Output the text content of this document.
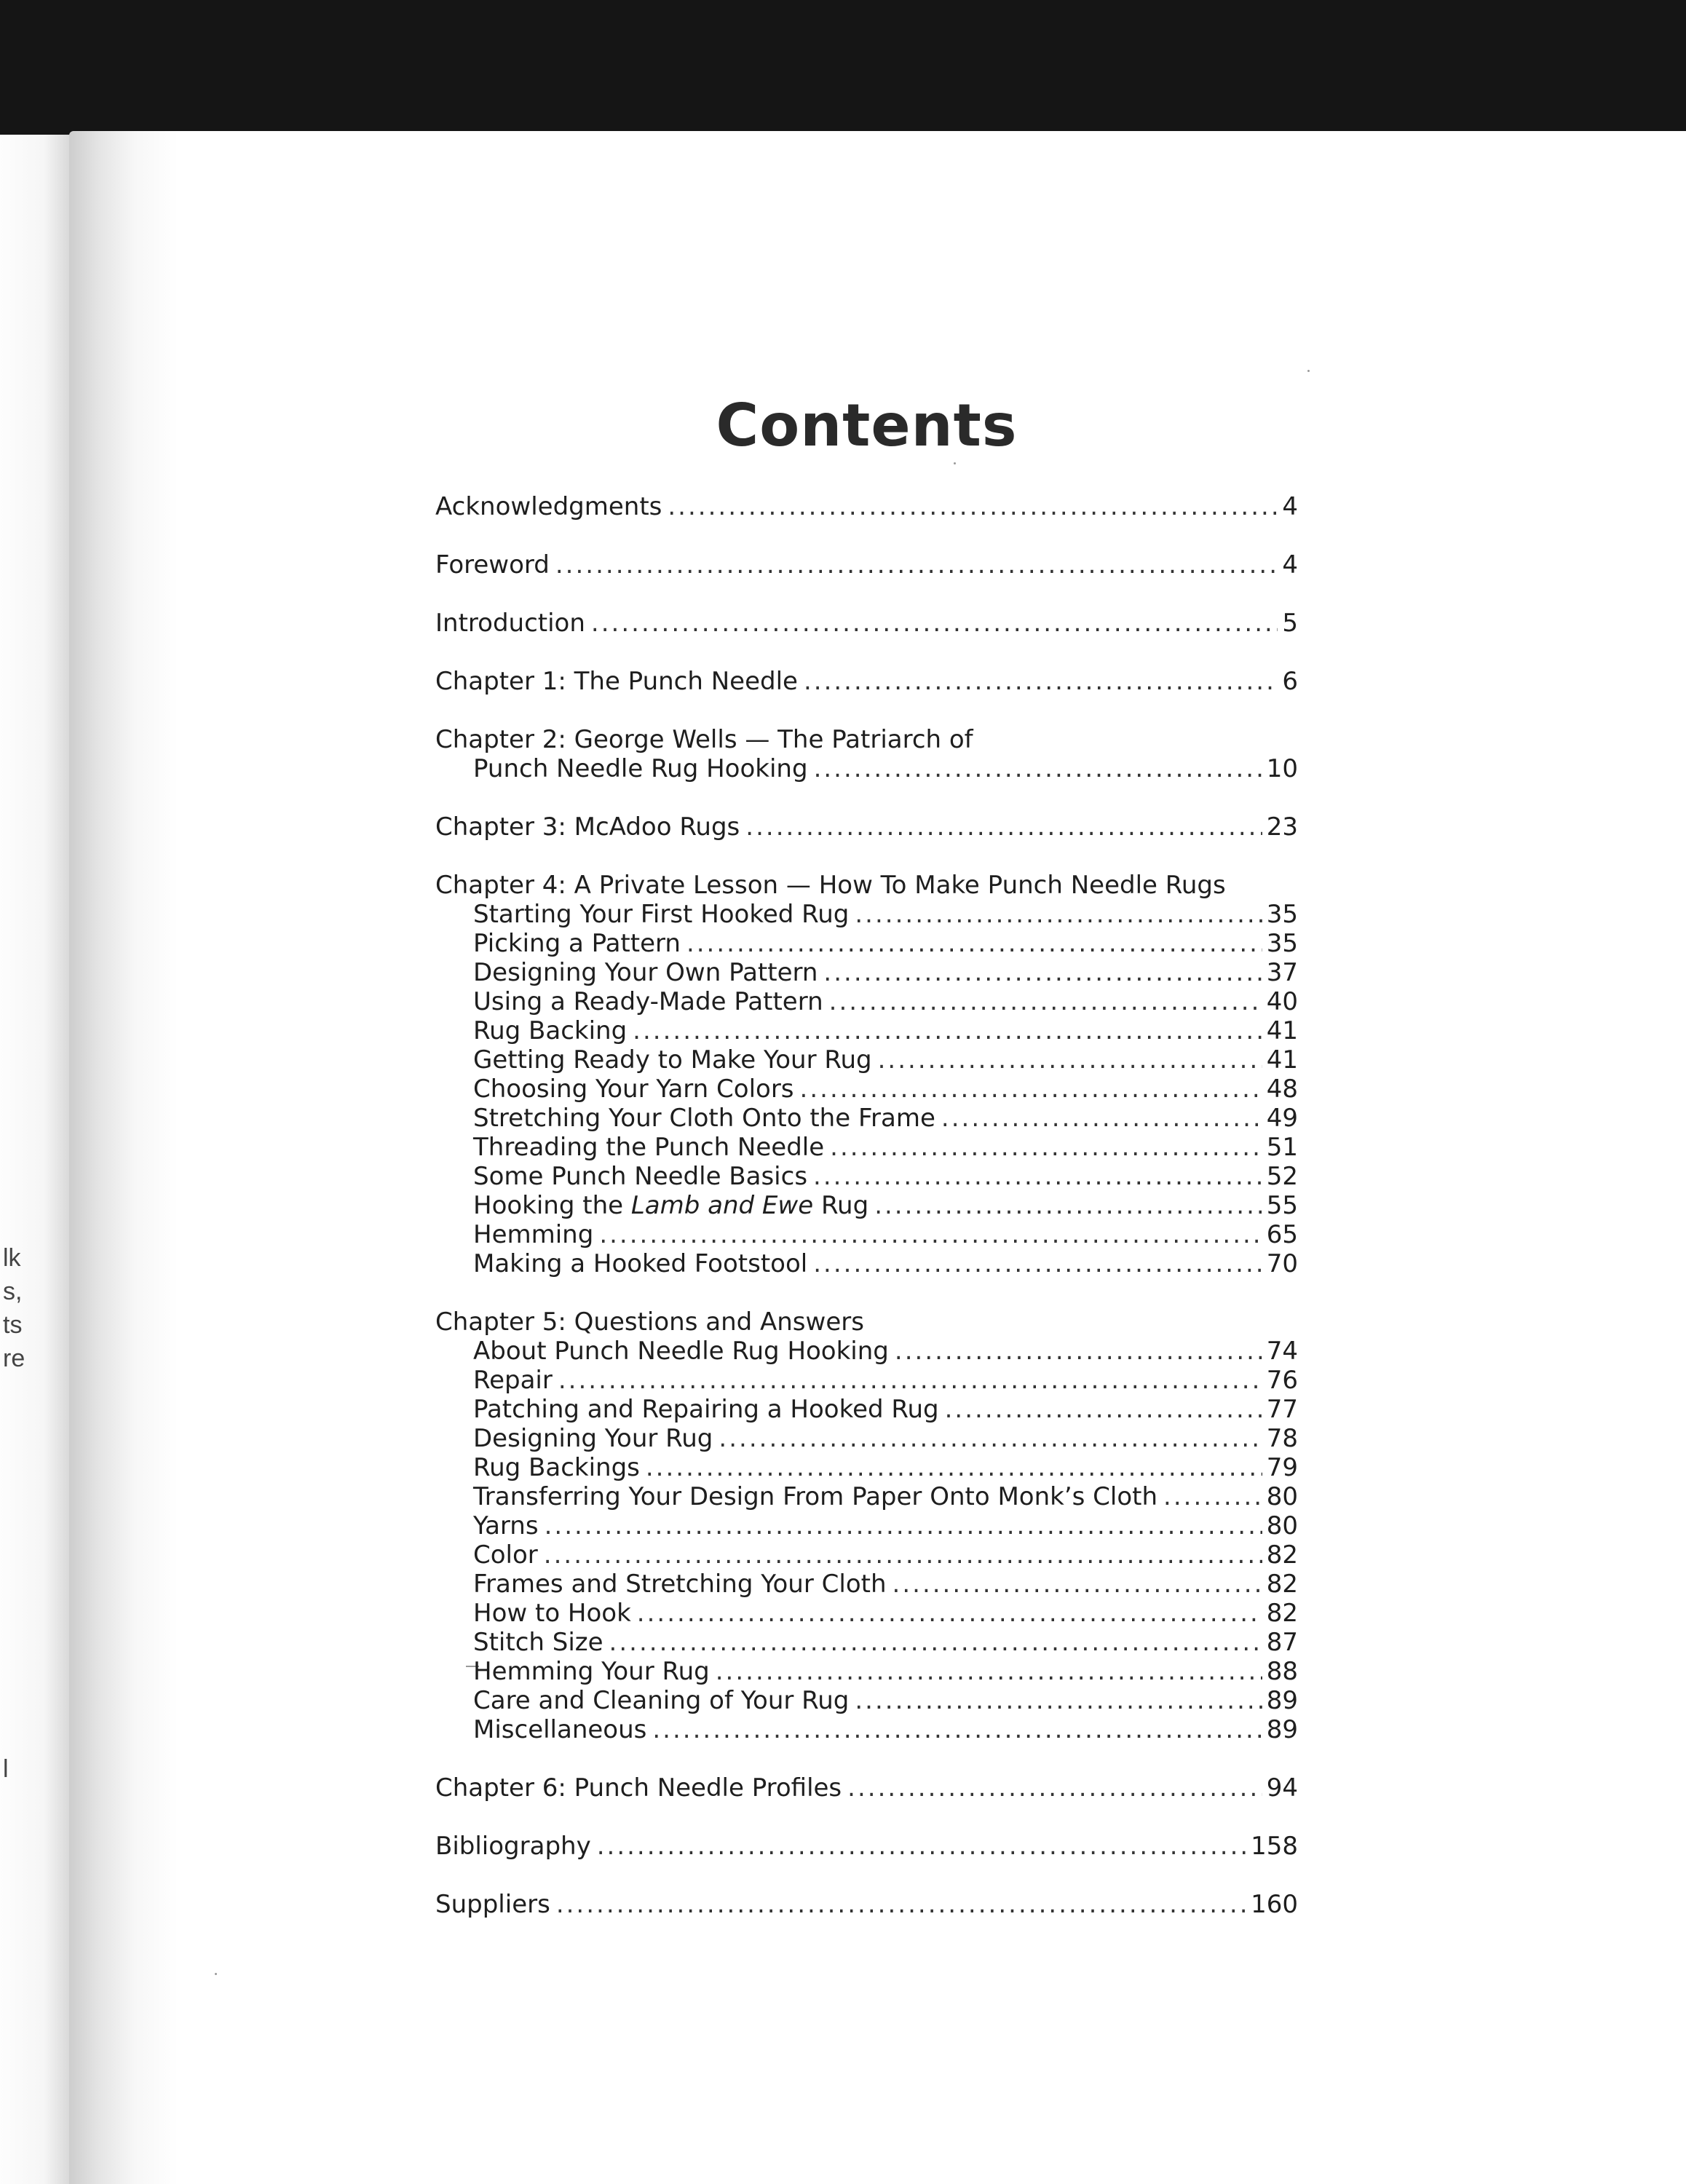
lk
s,
ts
re
l
Contents
Acknowledgments .....	4
Foreword .....	4
Introduction .....	5
Chapter 1: The Punch Needle .....	6
Chapter 2: George Wells — The Patriarch of
Punch Needle Rug Hooking .....	10
Chapter 3: McAdoo Rugs .....	23
Chapter 4: A Private Lesson — How To Make Punch Needle Rugs
Starting Your First Hooked Rug .....	35
Picking a Pattern .....	35
Designing Your Own Pattern .....	37
Using a Ready-Made Pattern .....	40
Rug Backing .....	41
Getting Ready to Make Your Rug .....	41
Choosing Your Yarn Colors .....	48
Stretching Your Cloth Onto the Frame .....	49
Threading the Punch Needle .....	51
Some Punch Needle Basics .....	52
Hooking the Lamb and Ewe Rug .....	55
Hemming .....	65
Making a Hooked Footstool .....	70
Chapter 5: Questions and Answers
About Punch Needle Rug Hooking .....	74
Repair .....	76
Patching and Repairing a Hooked Rug .....	77
Designing Your Rug .....	78
Rug Backings .....	79
Transferring Your Design From Paper Onto Monk’s Cloth .....	80
Yarns .....	80
Color .....	82
Frames and Stretching Your Cloth .....	82
How to Hook .....	82
Stitch Size .....	87
Hemming Your Rug .....	88
Care and Cleaning of Your Rug .....	89
Miscellaneous .....	89
Chapter 6: Punch Needle Profiles .....	94
Bibliography .....	158
Suppliers .....	160
